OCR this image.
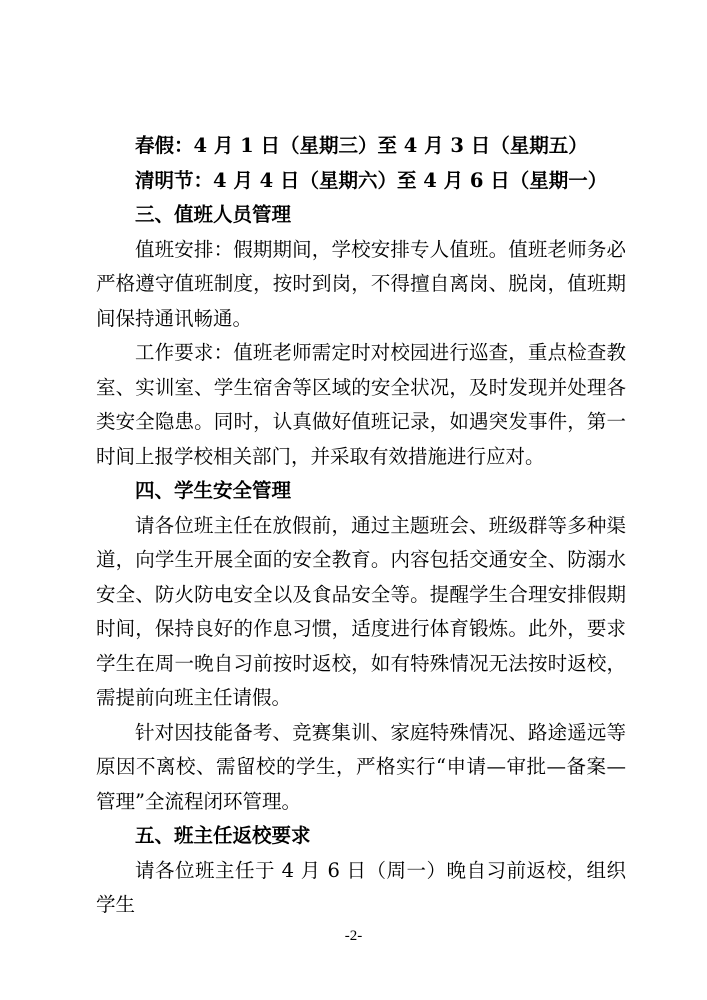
春假：4 月 1 日（星期三）至 4 月 3 日（星期五）
清明节：4 月 4 日（星期六）至 4 月 6 日（星期一）
三、值班人员管理

值班安排：假期期间，学校安排专人值班。值班老师务必严格遵守值班制度，按时到岗，不得擅自离岗、脱岗，值班期间保持通讯畅通。

工作要求：值班老师需定时对校园进行巡查，重点检查教室、实训室、学生宿舍等区域的安全状况，及时发现并处理各类安全隐患。同时，认真做好值班记录，如遇突发事件，第一时间上报学校相关部门，并采取有效措施进行应对。

四、学生安全管理

请各位班主任在放假前，通过主题班会、班级群等多种渠道，向学生开展全面的安全教育。内容包括交通安全、防溺水安全、防火防电安全以及食品安全等。提醒学生合理安排假期时间，保持良好的作息习惯，适度进行体育锻炼。此外，要求学生在周一晚自习前按时返校，如有特殊情况无法按时返校，需提前向班主任请假。

针对因技能备考、竞赛集训、家庭特殊情况、路途遥远等原因不离校、需留校的学生，严格实行“申请—审批—备案—管理”全流程闭环管理。

五、班主任返校要求

请各位班主任于 4 月 6 日（周一）晚自习前返校，组织学生

-2-
